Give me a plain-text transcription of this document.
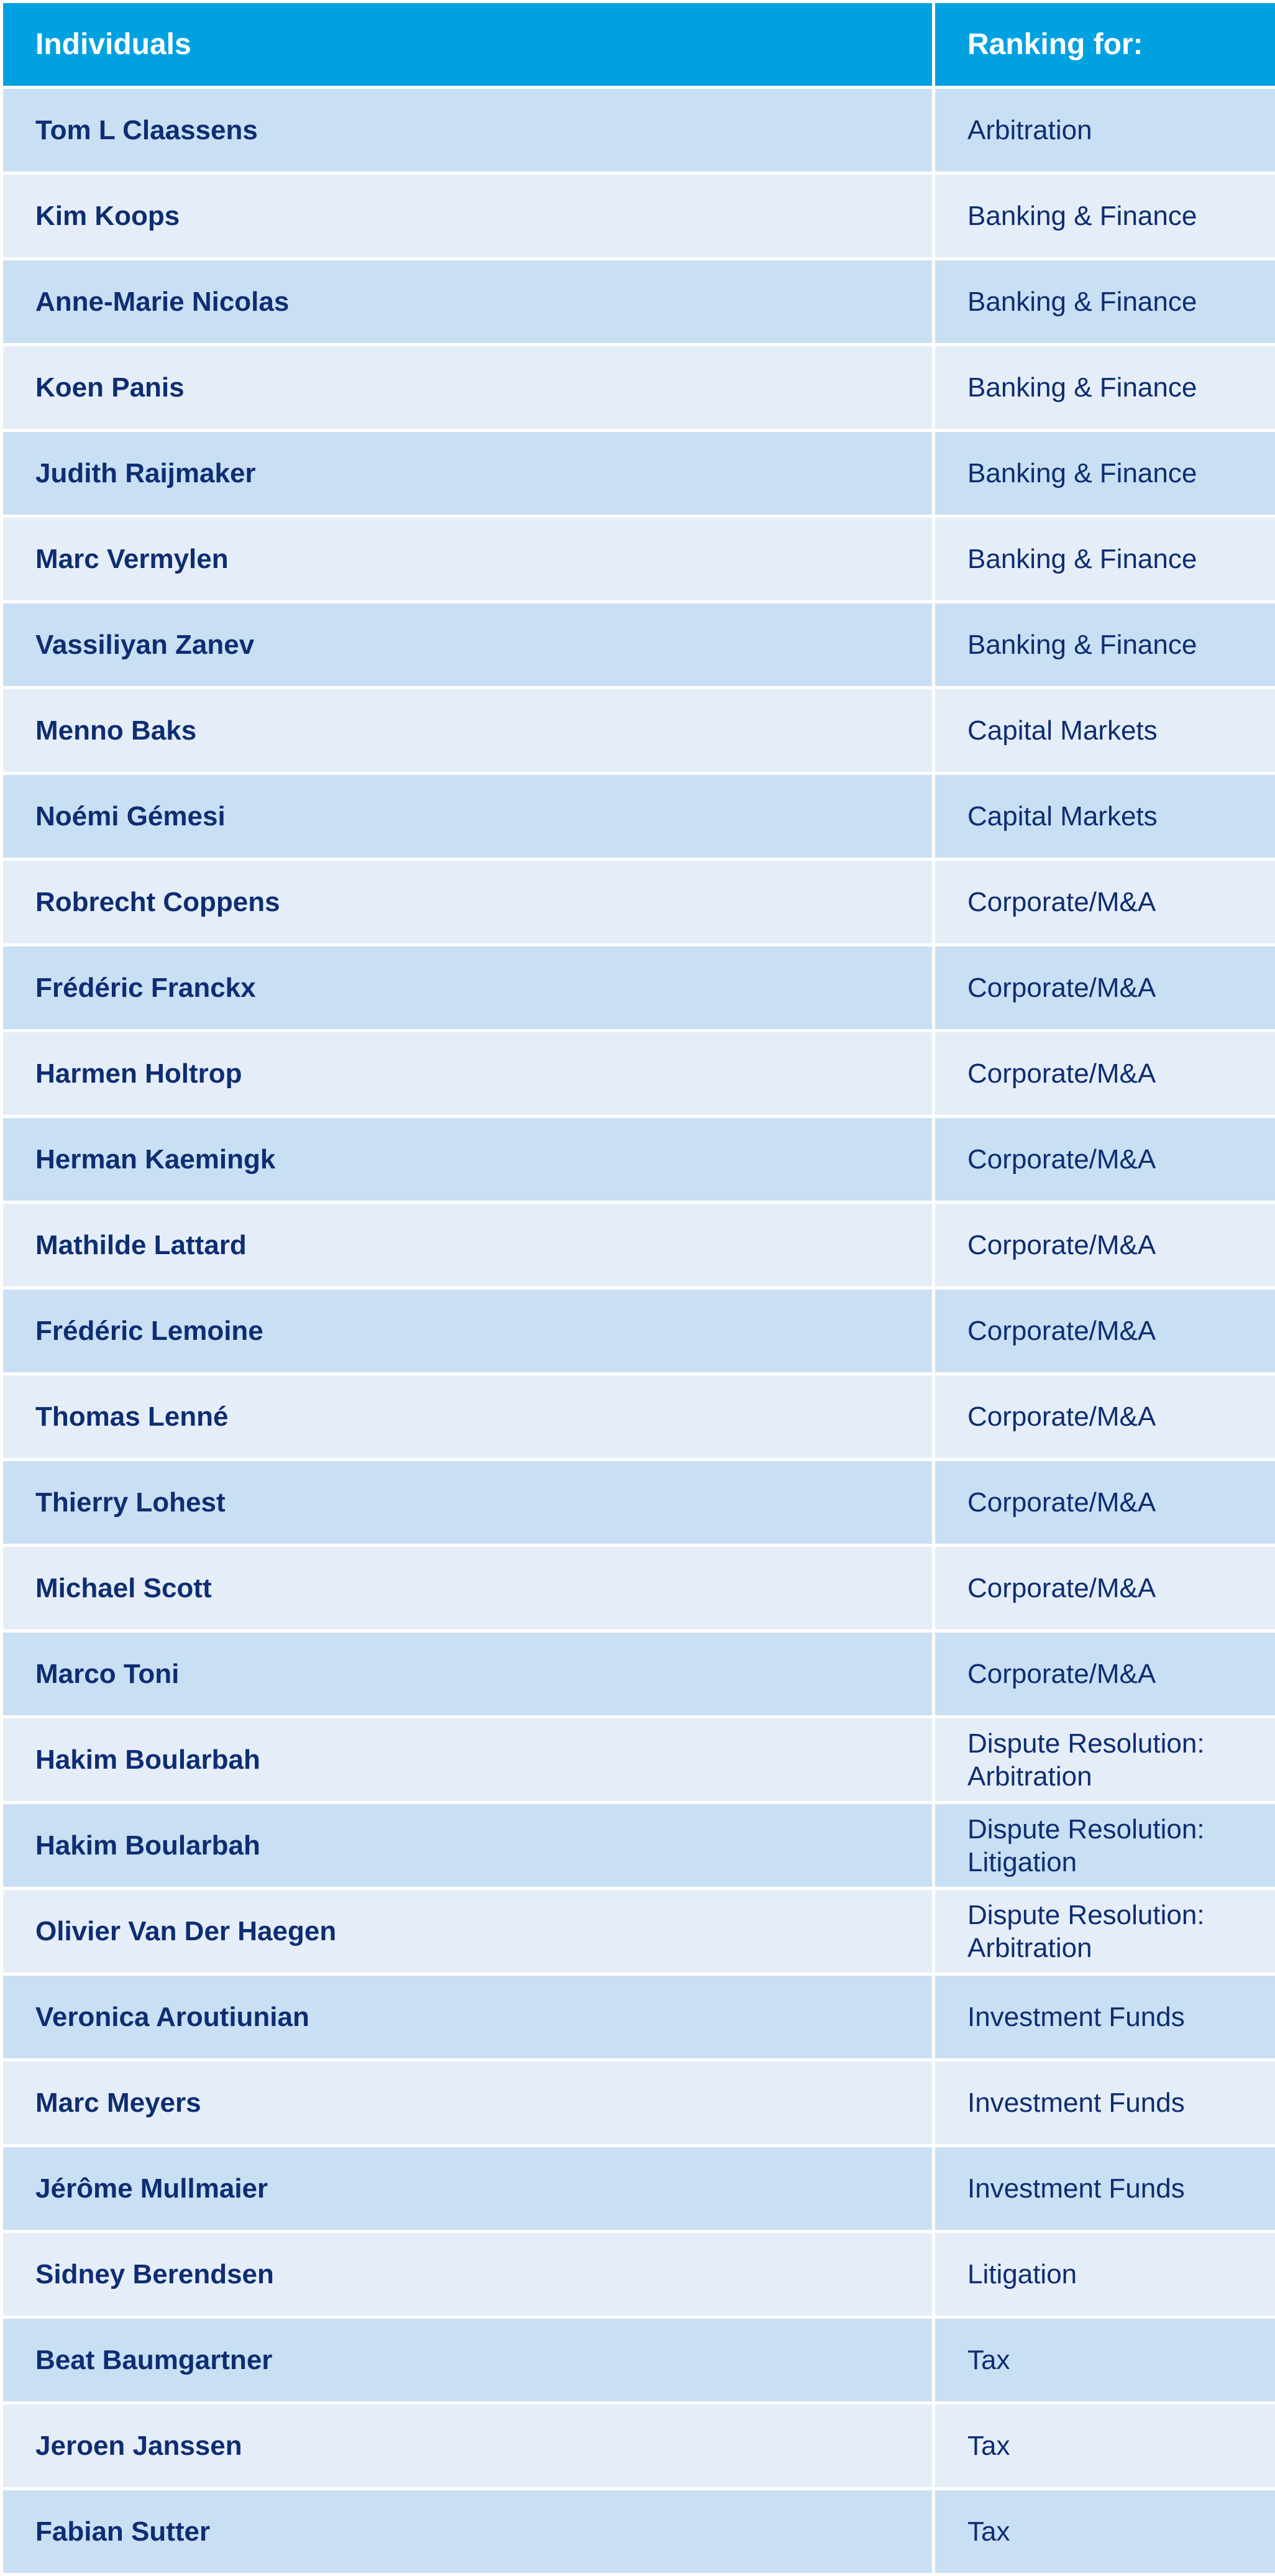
Individuals	Ranking for:
Tom L Claassens	Arbitration
Kim Koops	Banking & Finance
Anne-Marie Nicolas	Banking & Finance
Koen Panis	Banking & Finance
Judith Raijmaker	Banking & Finance
Marc Vermylen	Banking & Finance
Vassiliyan Zanev	Banking & Finance
Menno Baks	Capital Markets
Noémi Gémesi	Capital Markets
Robrecht Coppens	Corporate/M&A
Frédéric Franckx	Corporate/M&A
Harmen Holtrop	Corporate/M&A
Herman Kaemingk	Corporate/M&A
Mathilde Lattard	Corporate/M&A
Frédéric Lemoine	Corporate/M&A
Thomas Lenné	Corporate/M&A
Thierry Lohest	Corporate/M&A
Michael Scott	Corporate/M&A
Marco Toni	Corporate/M&A
Hakim Boularbah	Dispute Resolution:
Arbitration
Hakim Boularbah	Dispute Resolution:
Litigation
Olivier Van Der Haegen	Dispute Resolution:
Arbitration
Veronica Aroutiunian	Investment Funds
Marc Meyers	Investment Funds
Jérôme Mullmaier	Investment Funds
Sidney Berendsen	Litigation
Beat Baumgartner	Tax
Jeroen Janssen	Tax
Fabian Sutter	Tax
